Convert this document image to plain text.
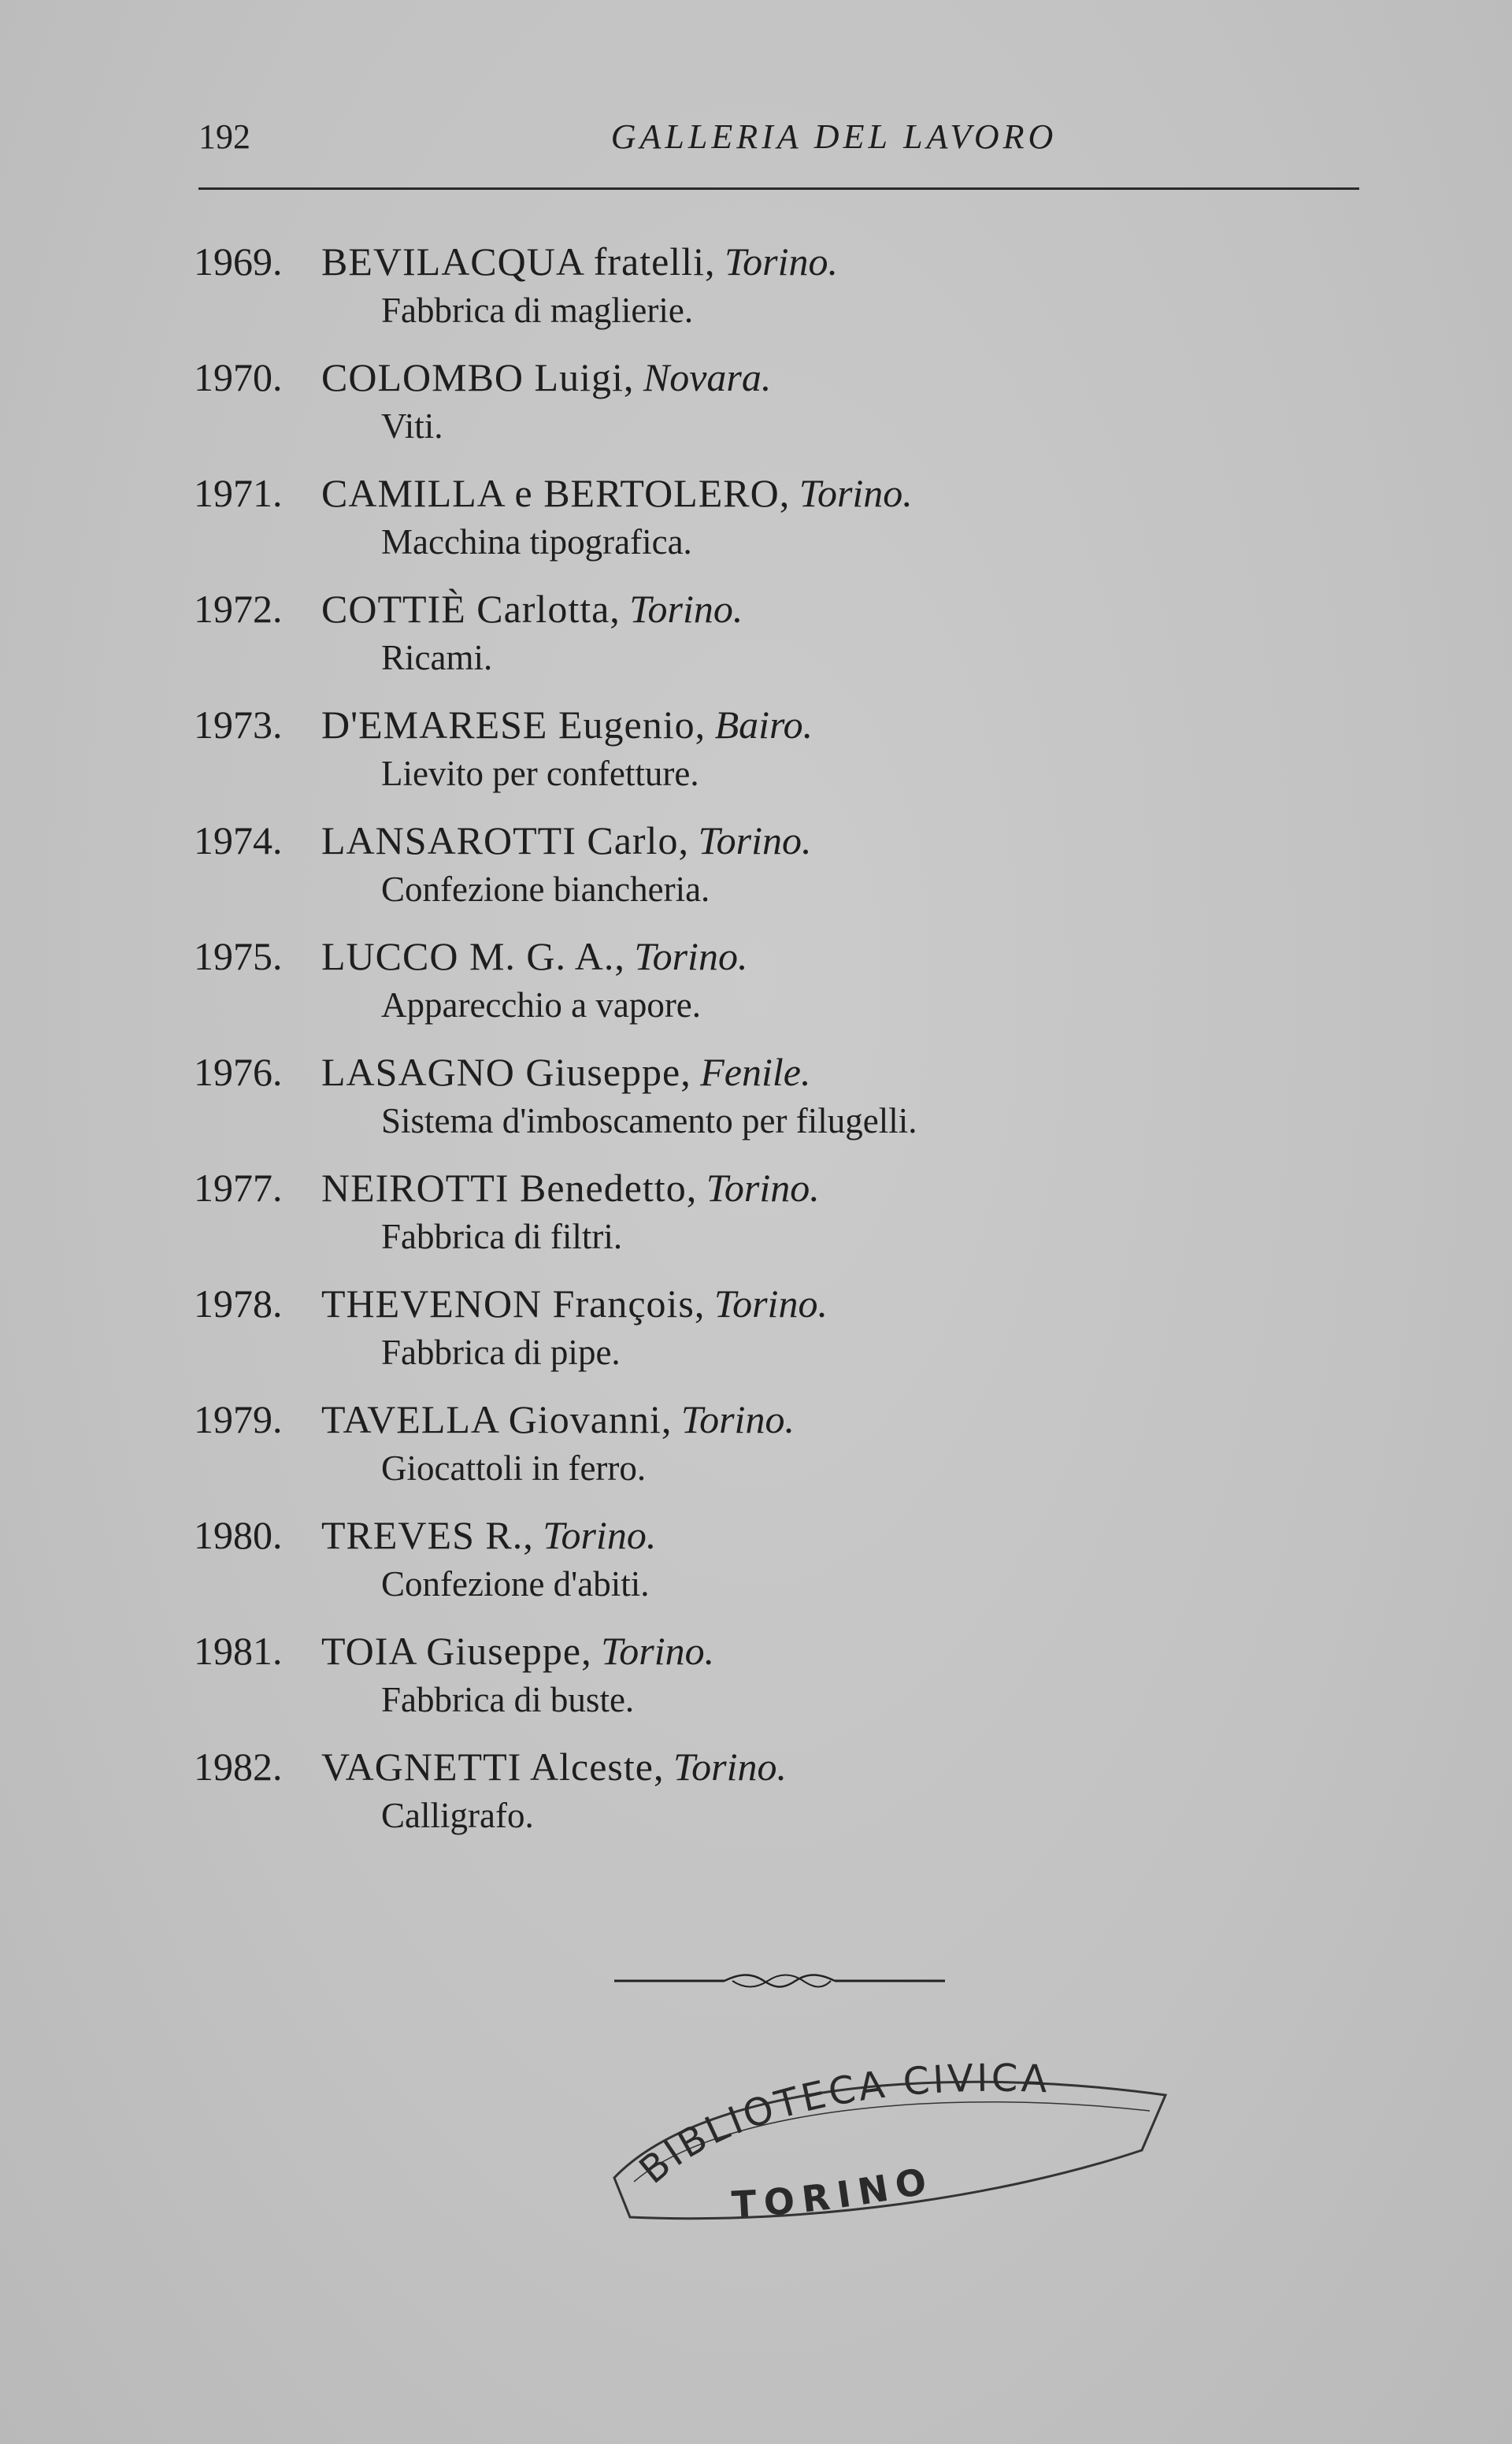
192	GALLERIA DEL LAVORO
1969. BEVILACQUA fratelli, Torino.
Fabbrica di maglierie.
1970. COLOMBO Luigi, Novara.
Viti.
1971. CAMILLA e BERTOLERO, Torino.
Macchina tipografica.
1972. COTTIÈ Carlotta, Torino.
Ricami.
1973. D'EMARESE Eugenio, Bairo.
Lievito per confetture.
1974. LANSAROTTI Carlo, Torino.
Confezione biancheria.
1975. LUCCO M. G. A., Torino.
Apparecchio a vapore.
1976. LASAGNO Giuseppe, Fenile.
Sistema d'imboscamento per filugelli.
1977. NEIROTTI Benedetto, Torino.
Fabbrica di filtri.
1978. THEVENON François, Torino.
Fabbrica di pipe.
1979. TAVELLA Giovanni, Torino.
Giocattoli in ferro.
1980. TREVES R., Torino.
Confezione d'abiti.
1981. TOIA Giuseppe, Torino.
Fabbrica di buste.
1982. VAGNETTI Alceste, Torino.
Calligrafo.
BIBLIOTECA CIVICA
TORINO
